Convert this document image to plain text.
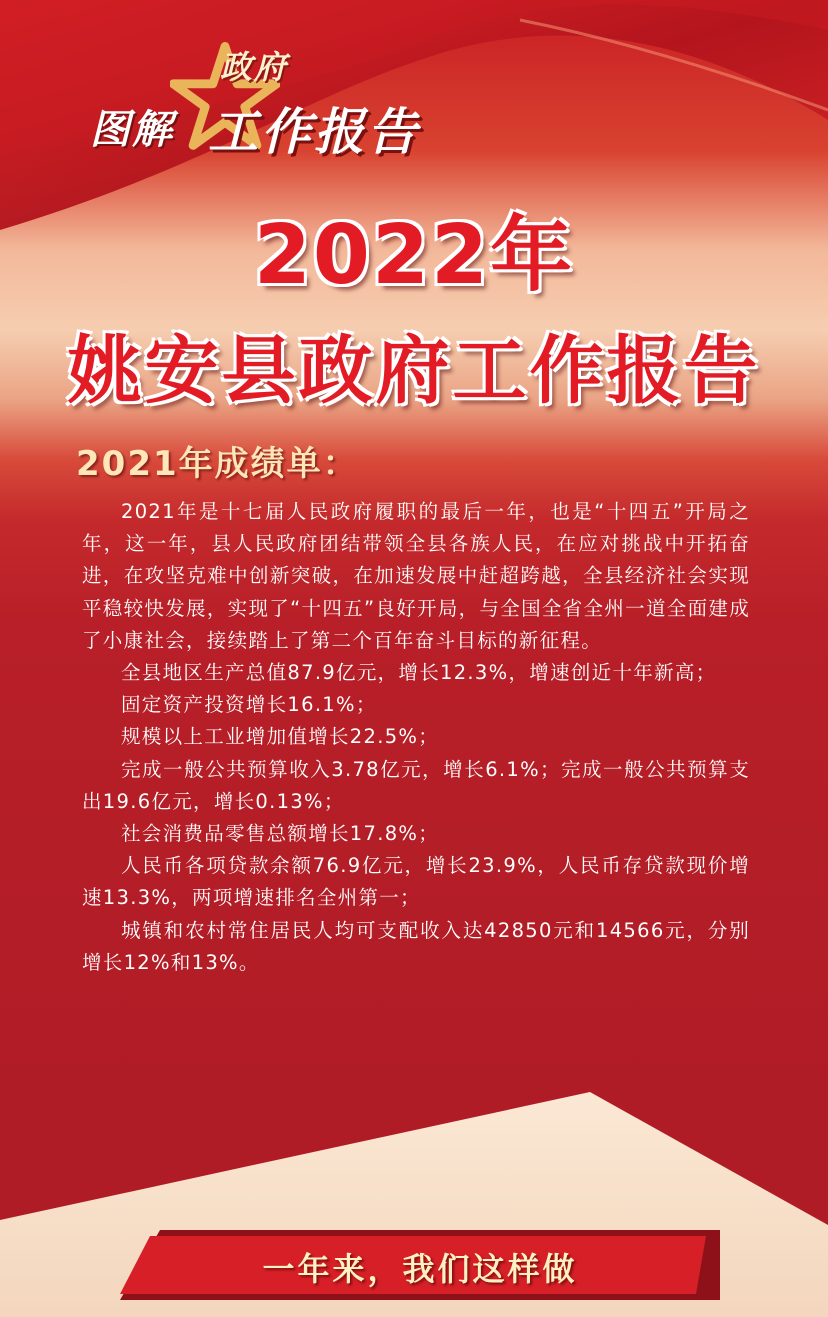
图解
政府
工作报告
2022年
姚安县政府工作报告
2021年成绩单：

2021年是十七届人民政府履职的最后一年，也是“十四五”开局之年，这一年，县人民政府团结带领全县各族人民，在应对挑战中开拓奋进，在攻坚克难中创新突破，在加速发展中赶超跨越，全县经济社会实现平稳较快发展，实现了“十四五”良好开局，与全国全省全州一道全面建成了小康社会，接续踏上了第二个百年奋斗目标的新征程。

全县地区生产总值87.9亿元，增长12.3%，增速创近十年新高；

固定资产投资增长16.1%；

规模以上工业增加值增长22.5%；

完成一般公共预算收入3.78亿元，增长6.1%；完成一般公共预算支出19.6亿元，增长0.13%；

社会消费品零售总额增长17.8%；

人民币各项贷款余额76.9亿元，增长23.9%，人民币存贷款现价增速13.3%，两项增速排名全州第一；

城镇和农村常住居民人均可支配收入达42850元和14566元，分别增长12%和13%。

一年来，我们这样做
